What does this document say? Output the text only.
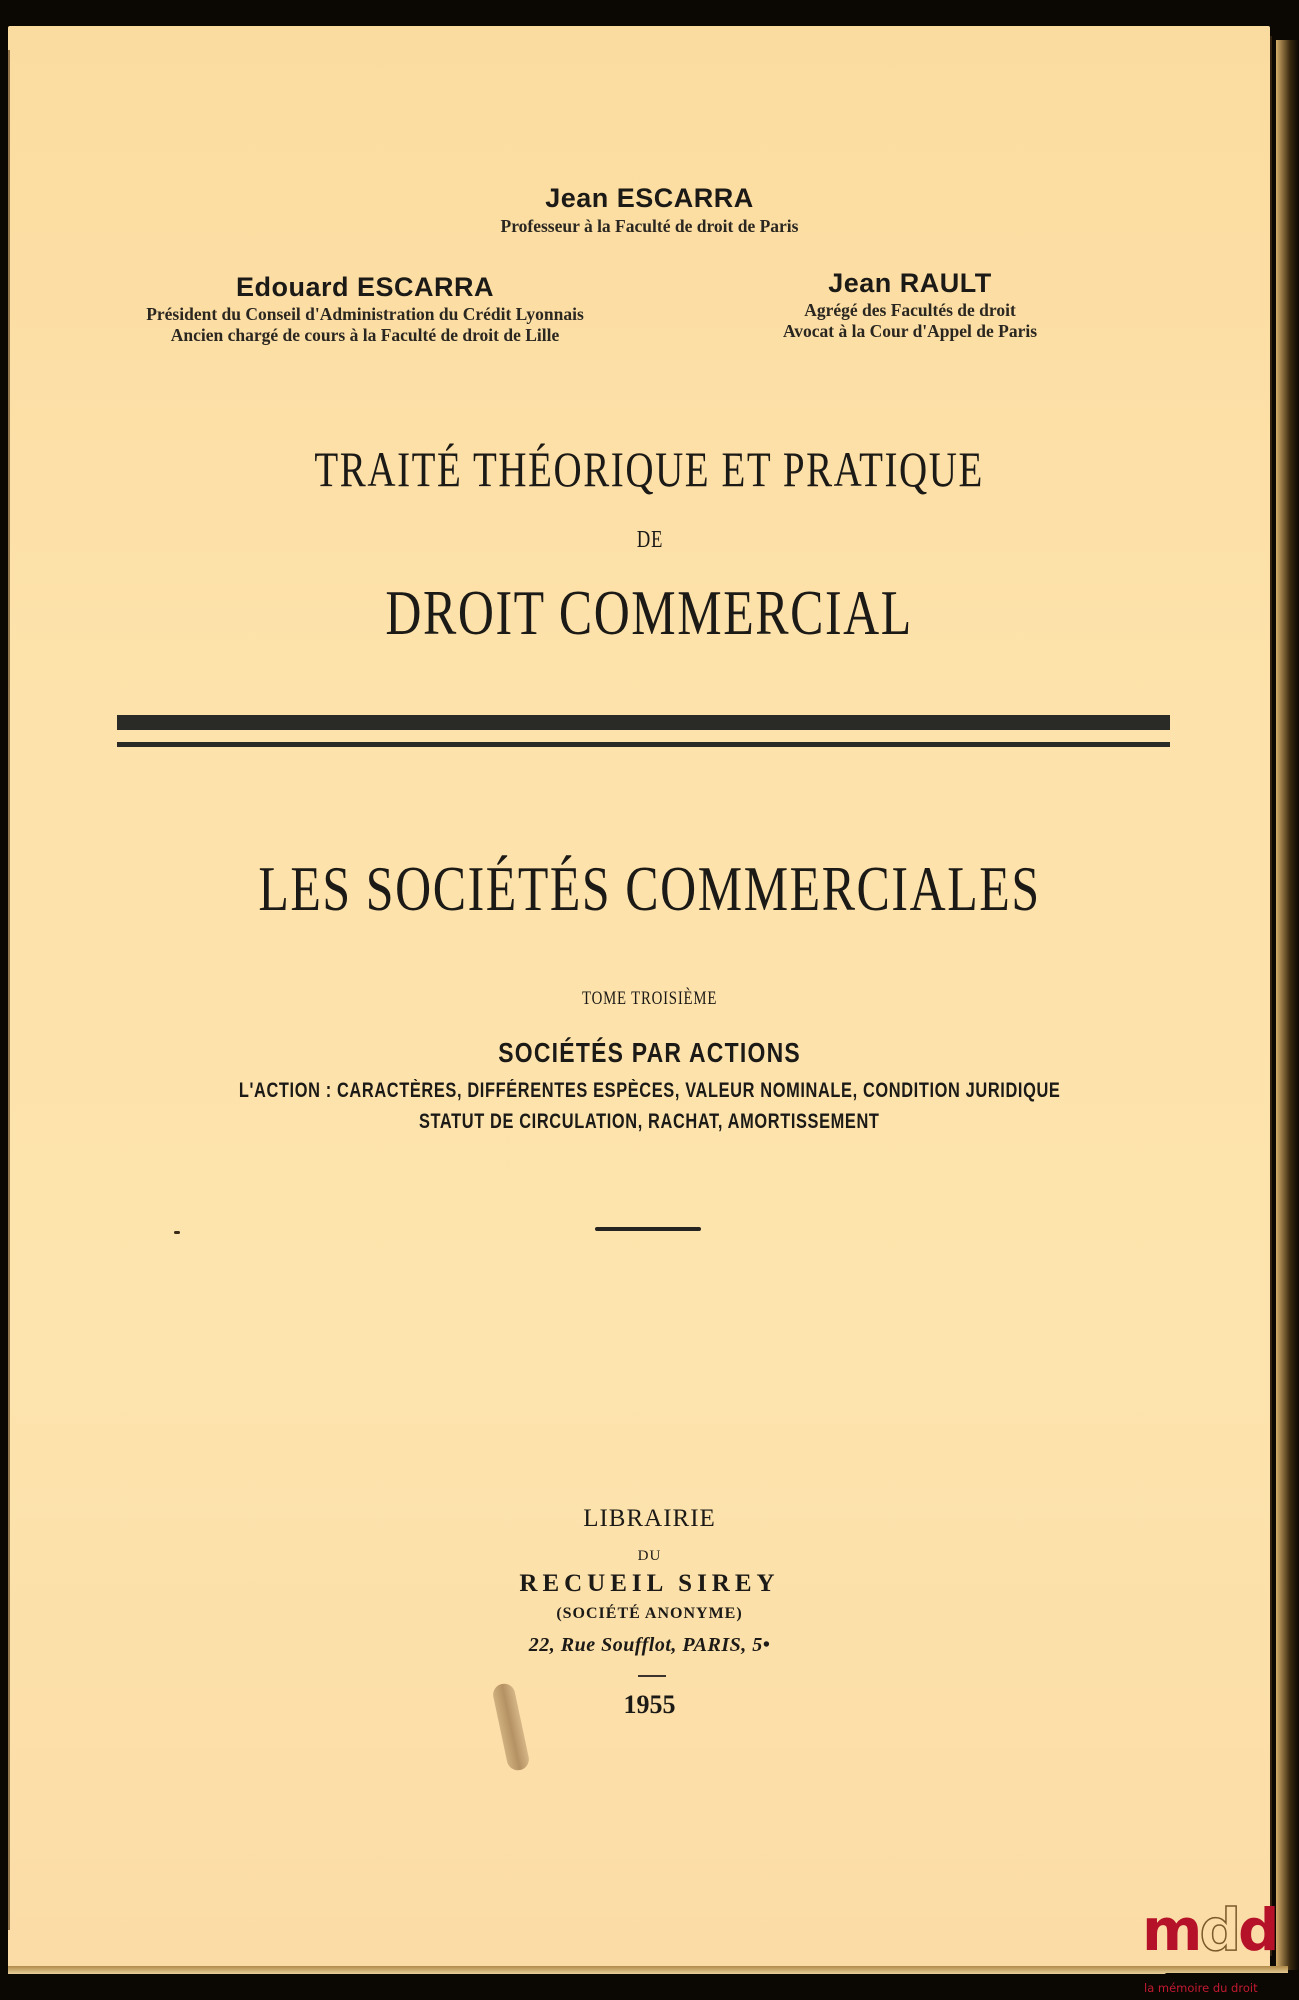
Jean ESCARRA
Professeur à la Faculté de droit de Paris
Edouard ESCARRA
Président du Conseil d'Administration du Crédit Lyonnais
Ancien chargé de cours à la Faculté de droit de Lille
Jean RAULT
Agrégé des Facultés de droit
Avocat à la Cour d'Appel de Paris
TRAITÉ THÉORIQUE ET PRATIQUE
DE
DROIT COMMERCIAL
LES SOCIÉTÉS COMMERCIALES
TOME TROISIÈME
SOCIÉTÉS PAR ACTIONS
L'ACTION : CARACTÈRES, DIFFÉRENTES ESPÈCES, VALEUR NOMINALE, CONDITION JURIDIQUE
STATUT DE CIRCULATION, RACHAT, AMORTISSEMENT
LIBRAIRIE
DU
RECUEIL SIREY
(SOCIÉTÉ ANONYME)
22, Rue Soufflot, PARIS, 5•
1955
mdd
la mémoire du droit
